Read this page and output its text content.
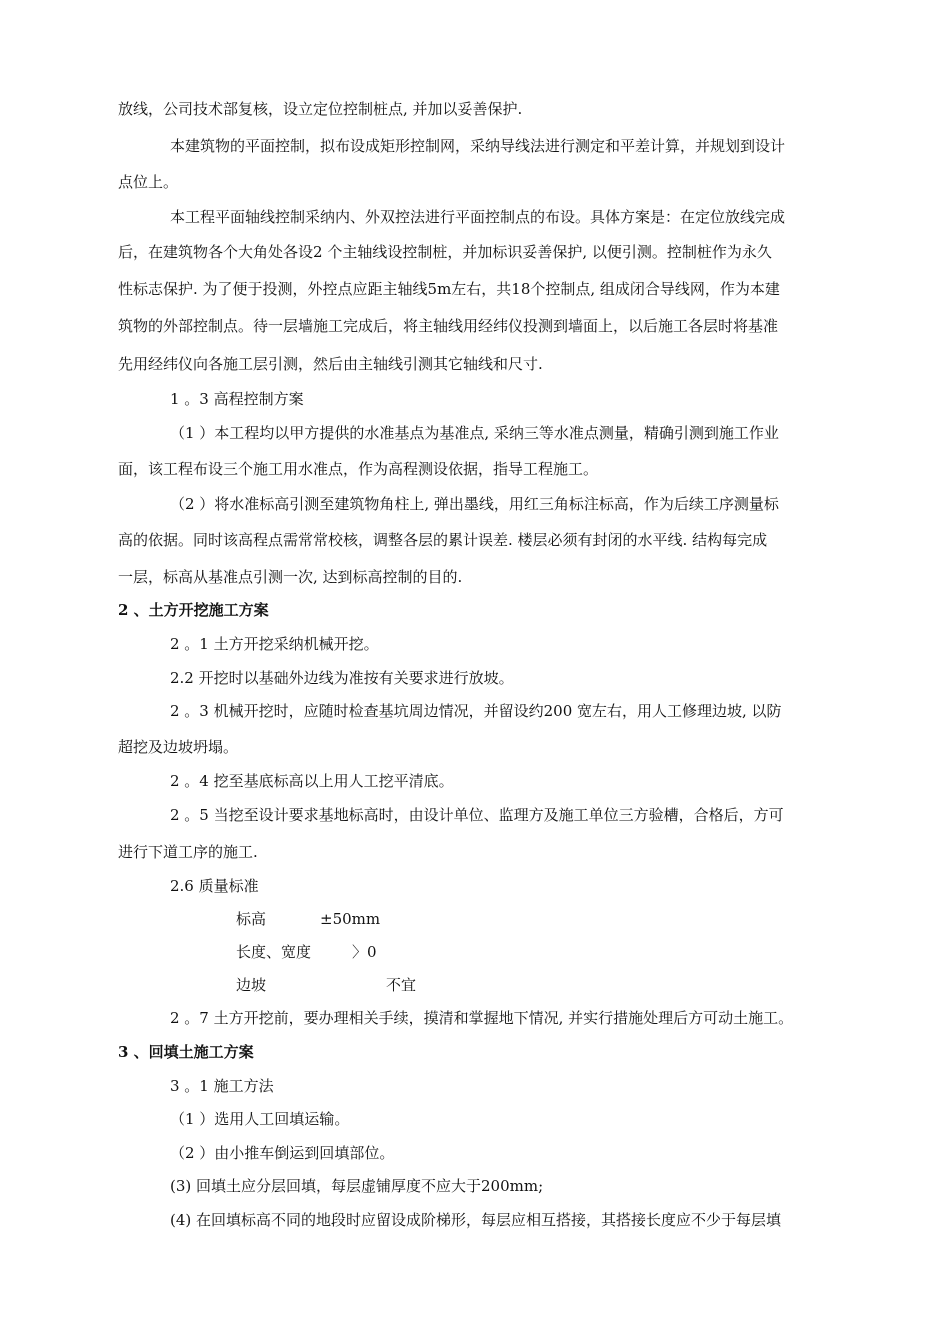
放线，公司技术部复核，设立定位控制桩点, 并加以妥善保护.
本建筑物的平面控制，拟布设成矩形控制网，采纳导线法进行测定和平差计算，并规划到设计
点位上。
本工程平面轴线控制采纳内、外双控法进行平面控制点的布设。具体方案是：在定位放线完成
后，在建筑物各个大角处各设2 个主轴线设控制桩，并加标识妥善保护, 以便引测。控制桩作为永久
性标志保护. 为了便于投测，外控点应距主轴线5m左右，共18个控制点, 组成闭合导线网，作为本建
筑物的外部控制点。待一层墙施工完成后，将主轴线用经纬仪投测到墙面上，以后施工各层时将基准
先用经纬仪向各施工层引测，然后由主轴线引测其它轴线和尺寸.
1 。3 高程控制方案
（1 ）本工程均以甲方提供的水准基点为基准点, 采纳三等水准点测量，精确引测到施工作业
面，该工程布设三个施工用水准点，作为高程测设依据，指导工程施工。
（2 ）将水准标高引测至建筑物角柱上, 弹出墨线，用红三角标注标高，作为后续工序测量标
高的依据。同时该高程点需常常校核，调整各层的累计误差. 楼层必须有封闭的水平线. 结构每完成
一层，标高从基准点引测一次, 达到标高控制的目的.
2 、土方开挖施工方案
2 。1 土方开挖采纳机械开挖。
2.2 开挖时以基础外边线为准按有关要求进行放坡。
2 。3 机械开挖时，应随时检查基坑周边情况，并留设约200 宽左右，用人工修理边坡, 以防
超挖及边坡坍塌。
2 。4 挖至基底标高以上用人工挖平清底。
2 。5 当挖至设计要求基地标高时，由设计单位、监理方及施工单位三方验槽，合格后，方可
进行下道工序的施工.
2.6 质量标准
标高	±50mm
长度、宽度	〉0
边坡	不宜
2 。7 土方开挖前，要办理相关手续，摸清和掌握地下情况, 并实行措施处理后方可动土施工。
3 、回填土施工方案
3 。1 施工方法
（1 ）选用人工回填运输。
（2 ）由小推车倒运到回填部位。
(3) 回填土应分层回填，每层虚铺厚度不应大于200mm;
(4) 在回填标高不同的地段时应留设成阶梯形，每层应相互搭接，其搭接长度应不少于每层填
